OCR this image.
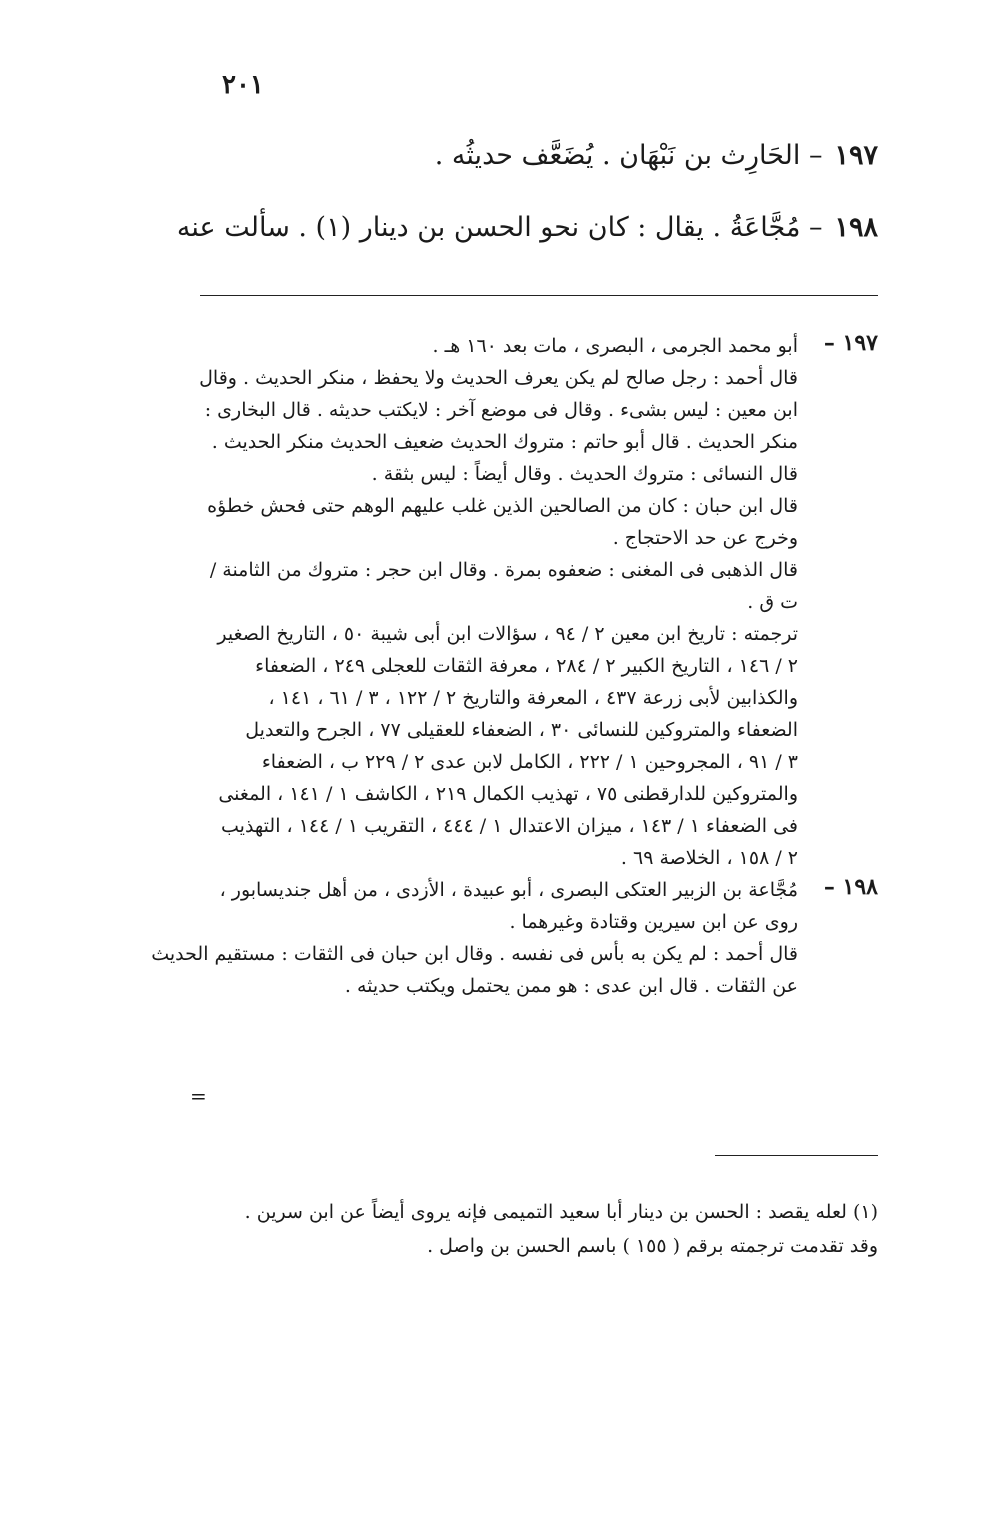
٢٠١
١٩٧– الحَارِث بن نَبْهَان . يُضَعَّف حديثُه .
١٩٨– مُجَّاعَةُ . يقال : كان نحو الحسن بن دينار (١) . سألت عنه
١٩٧ –
أبو محمد الجرمى ، البصرى ، مات بعد ١٦٠ هـ .
قال أحمد : رجل صالح لم يكن يعرف الحديث ولا يحفظ ، منكر الحديث . وقال
ابن معين : ليس بشىء . وقال فى موضع آخر : لايكتب حديثه . قال البخارى :
منكر الحديث . قال أبو حاتم : متروك الحديث ضعيف الحديث منكر الحديث .
قال النسائى : متروك الحديث . وقال أيضاً : ليس بثقة .
قال ابن حبان : كان من الصالحين الذين غلب عليهم الوهم حتى فحش خطؤه
وخرج عن حد الاحتجاج .
قال الذهبى فى المغنى : ضعفوه بمرة . وقال ابن حجر : متروك من الثامنة /
ت ق .
ترجمته : تاريخ ابن معين ٢ / ٩٤ ، سؤالات ابن أبى شيبة ٥٠ ، التاريخ الصغير
٢ / ١٤٦ ، التاريخ الكبير ٢ / ٢٨٤ ، معرفة الثقات للعجلى ٢٤٩ ، الضعفاء
والكذابين لأبى زرعة ٤٣٧ ، المعرفة والتاريخ ٢ / ١٢٢ ، ٣ / ٦١ ، ١٤١ ،
الضعفاء والمتروكين للنسائى ٣٠ ، الضعفاء للعقيلى ٧٧ ، الجرح والتعديل
٣ / ٩١ ، المجروحين ١ / ٢٢٢ ، الكامل لابن عدى ٢ / ٢٢٩ ب ، الضعفاء
والمتروكين للدارقطنى ٧٥ ، تهذيب الكمال ٢١٩ ، الكاشف ١ / ١٤١ ، المغنى
فى الضعفاء ١ / ١٤٣ ، ميزان الاعتدال ١ / ٤٤٤ ، التقريب ١ / ١٤٤ ، التهذيب
٢ / ١٥٨ ، الخلاصة ٦٩ .
١٩٨ –
مُجَّاعة بن الزبير العتكى البصرى ، أبو عبيدة ، الأزدى ، من أهل جنديسابور ،
روى عن ابن سيرين وقتادة وغيرهما .
قال أحمد : لم يكن به بأس فى نفسه . وقال ابن حبان فى الثقات : مستقيم الحديث
عن الثقات . قال ابن عدى : هو ممن يحتمل ويكتب حديثه .
=
(١) لعله يقصد : الحسن بن دينار أبا سعيد التميمى فإنه يروى أيضاً عن ابن سرين .
وقد تقدمت ترجمته برقم ( ١٥٥ ) باسم الحسن بن واصل .
